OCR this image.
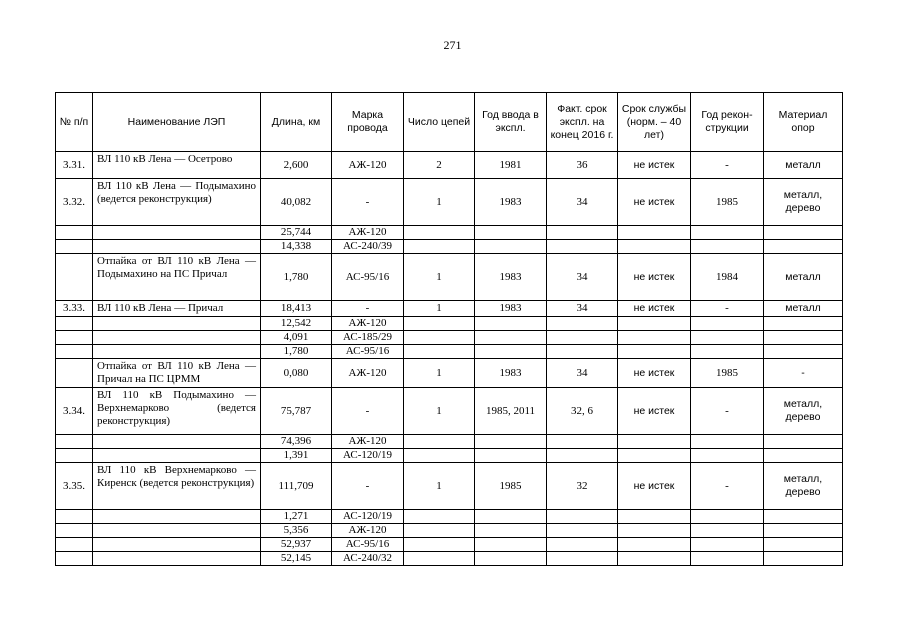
271
№ п/п	Наименование ЛЭП	Длина, км	Марка провода	Число цепей	Год ввода в экспл.	Факт. срок экспл. на конец 2016 г.	Срок службы (норм. – 40 лет)	Год рекон-струкции	Материал опор
3.31.	ВЛ 110 кВ Лена — Осетрово	2,600	АЖ-120	2	1981	36	не истек	-	металл
3.32.	ВЛ 110 кВ Лена — Подымахино (ведется реконструкция)	40,082	-	1	1983	34	не истек	1985	металл, дерево
		25,744	АЖ-120						
		14,338	АС-240/39						
	Отпайка от ВЛ 110 кВ Лена — Подымахино на ПС Причал	1,780	АС-95/16	1	1983	34	не истек	1984	металл
3.33.	ВЛ 110 кВ Лена — Причал	18,413	-	1	1983	34	не истек	-	металл
		12,542	АЖ-120						
		4,091	АС-185/29						
		1,780	АС-95/16						
	Отпайка от ВЛ 110 кВ Лена — Причал на ПС ЦРММ	0,080	АЖ-120	1	1983	34	не истек	1985	-
3.34.	ВЛ 110 кВ Подымахино — Верхнемарково (ведется реконструкция)	75,787	-	1	1985, 2011	32, 6	не истек	-	металл, дерево
		74,396	АЖ-120						
		1,391	АС-120/19						
3.35.	ВЛ 110 кВ Верхнемарково — Киренск (ведется реконструкция)	111,709	-	1	1985	32	не истек	-	металл, дерево
		1,271	АС-120/19						
		5,356	АЖ-120						
		52,937	АС-95/16						
		52,145	АС-240/32						
